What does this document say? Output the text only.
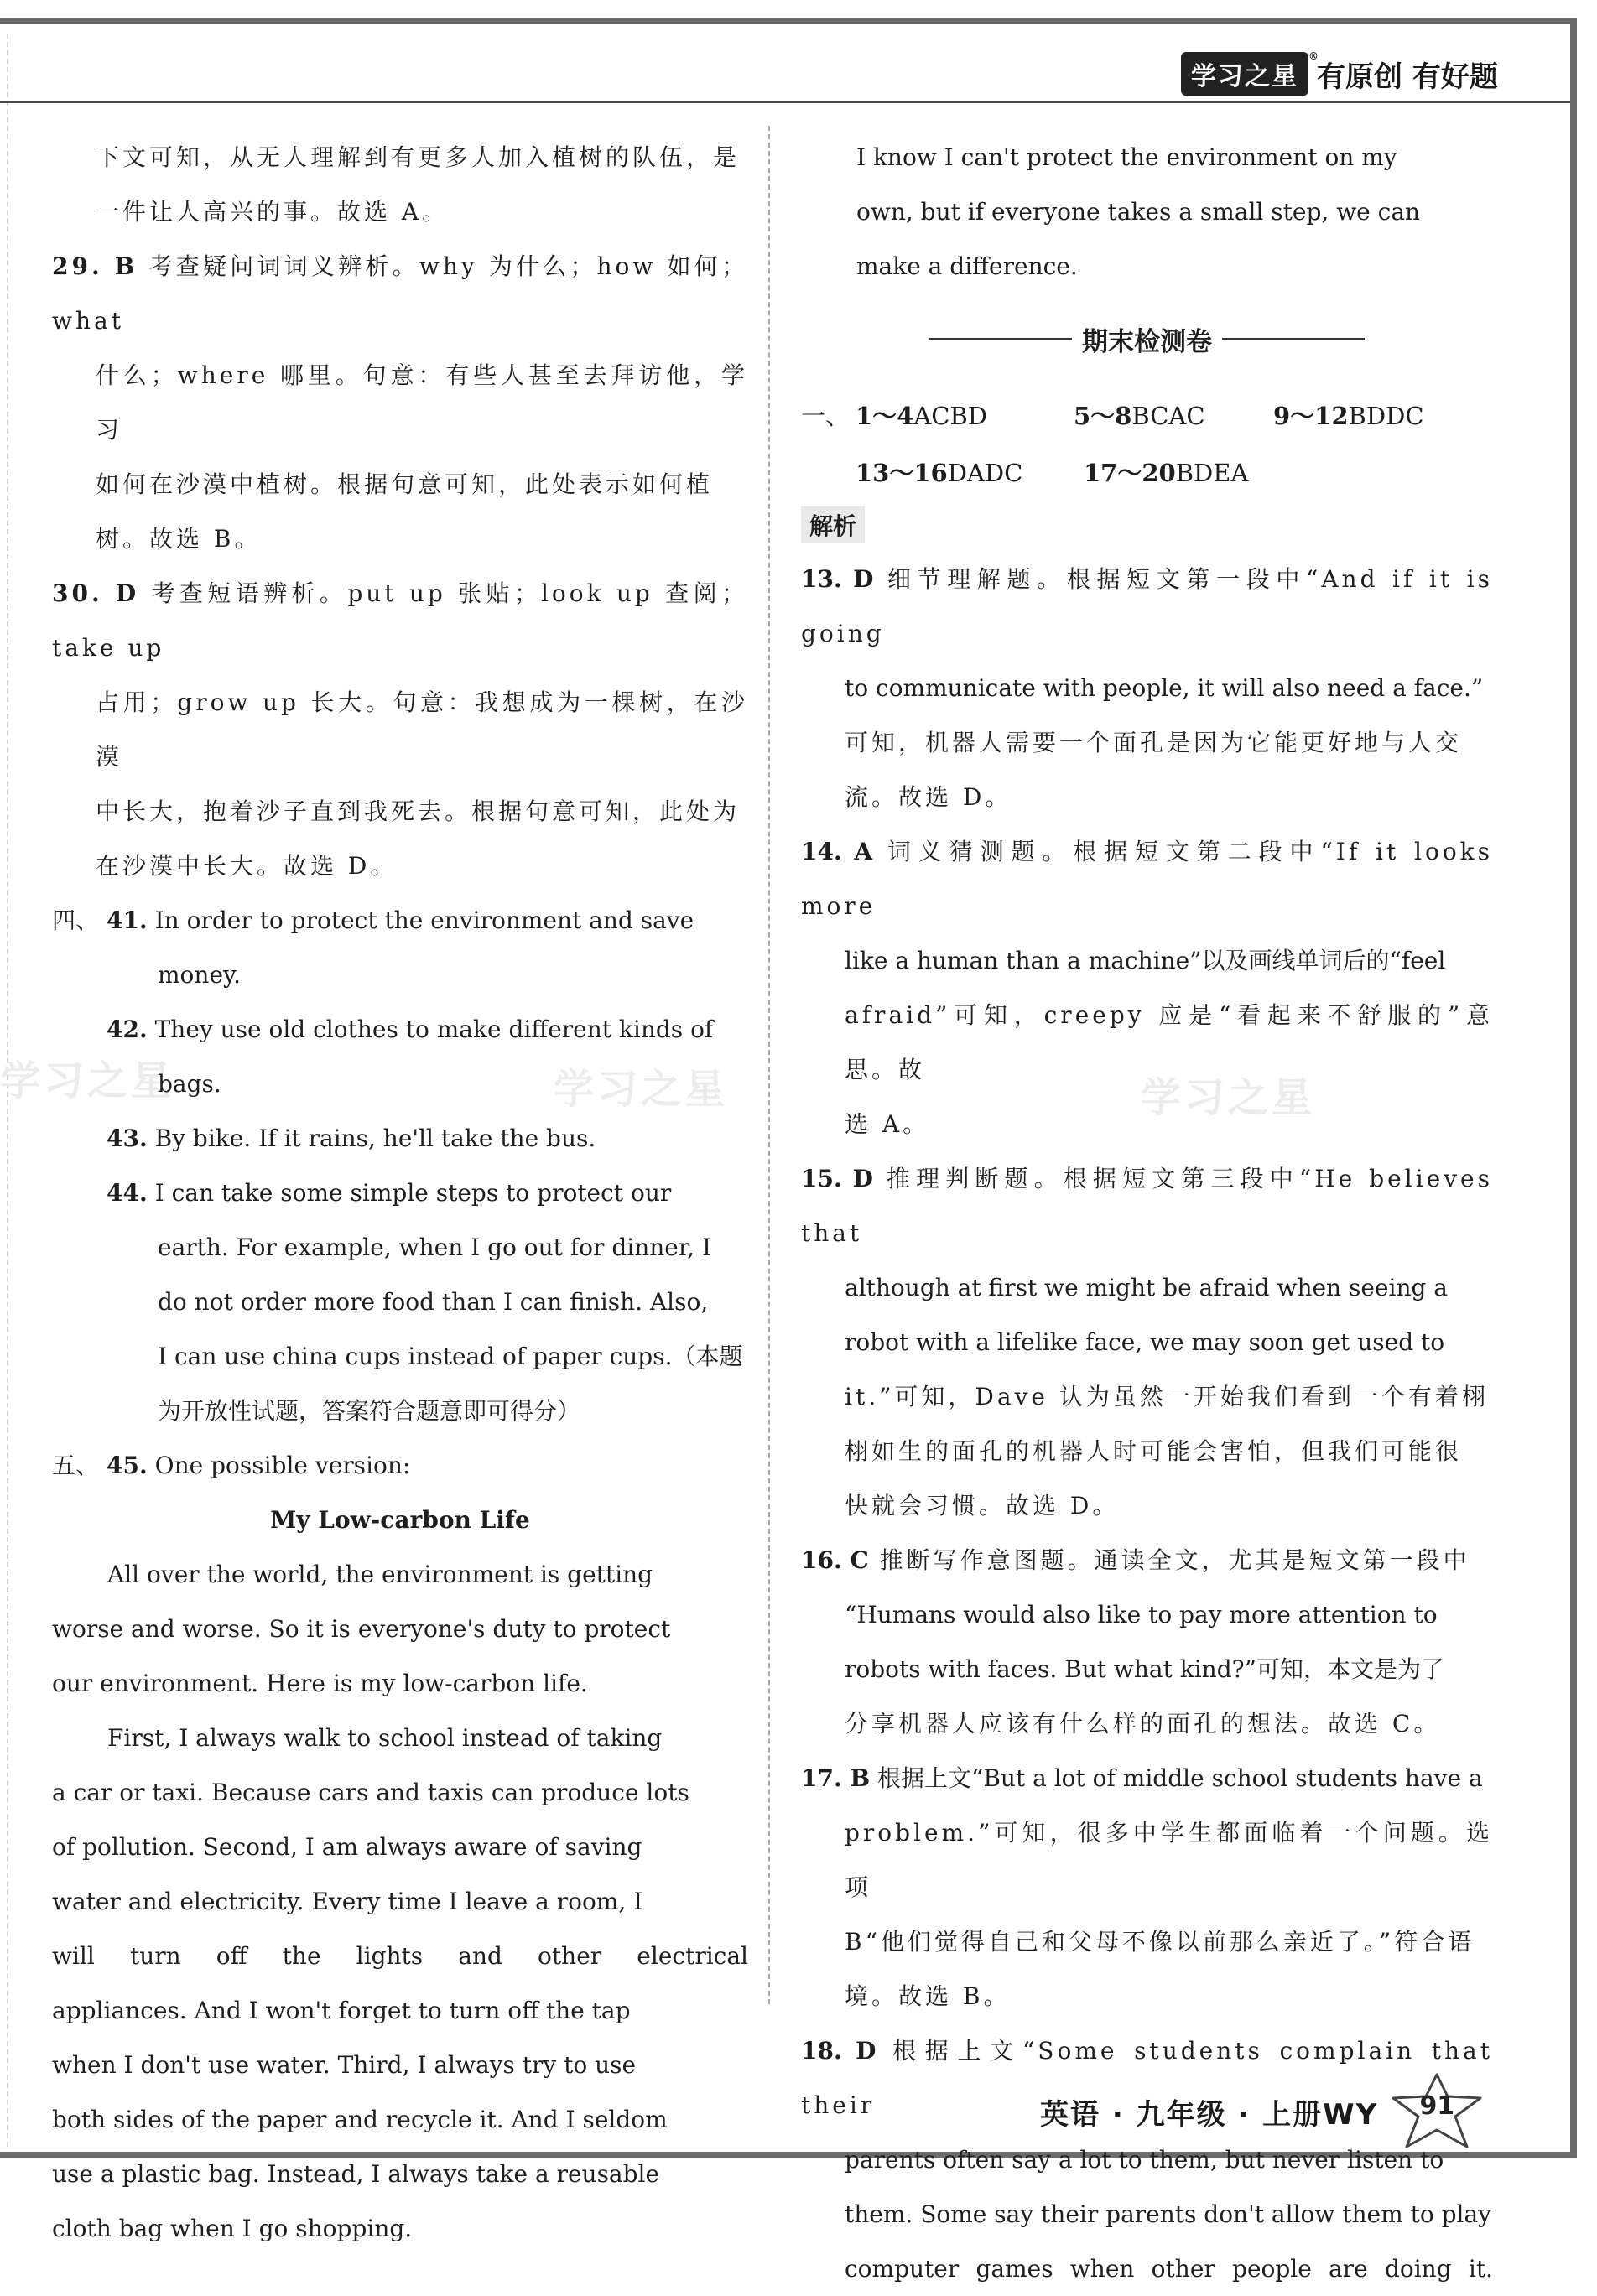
学习之星
®
有原创 有好题
学习之星	学习之星	学习之星

下文可知，从无人理解到有更多人加入植树的队伍，是

一件让人高兴的事。故选 A。

29. B 考查疑问词词义辨析。why 为什么；how 如何；what

什么；where 哪里。句意：有些人甚至去拜访他，学习

如何在沙漠中植树。根据句意可知，此处表示如何植

树。故选 B。

30. D 考查短语辨析。put up 张贴；look up 查阅；take up

占用；grow up 长大。句意：我想成为一棵树，在沙漠

中长大，抱着沙子直到我死去。根据句意可知，此处为

在沙漠中长大。故选 D。

四、 41. In order to protect the environment and save

money.

42. They use old clothes to make different kinds of

bags.

43. By bike. If it rains, he'll take the bus.

44. I can take some simple steps to protect our

earth. For example, when I go out for dinner, I

do not order more food than I can finish. Also,

I can use china cups instead of paper cups.（本题

为开放性试题，答案符合题意即可得分）

五、 45. One possible version:

My Low-carbon Life

All over the world, the environment is getting

worse and worse. So it is everyone's duty to protect

our environment. Here is my low-carbon life.

First, I always walk to school instead of taking

a car or taxi. Because cars and taxis can produce lots

of pollution. Second, I am always aware of saving

water and electricity. Every time I leave a room, I

will turn off the lights and other electrical

appliances. And I won't forget to turn off the tap

when I don't use water. Third, I always try to use

both sides of the paper and recycle it. And I seldom

use a plastic bag. Instead, I always take a reusable

cloth bag when I go shopping.

I know I can't protect the environment on my

own, but if everyone takes a small step, we can

make a difference.

期末检测卷
一、 1～4ACBD	5～8BCAC	9～12BDDC
13～16DADC	17～20BDEA
解析

13. D 细节理解题。根据短文第一段中“And if it is going

to communicate with people, it will also need a face.”

可知，机器人需要一个面孔是因为它能更好地与人交

流。故选 D。

14. A 词义猜测题。根据短文第二段中“If it looks more

like a human than a machine”以及画线单词后的“feel

afraid”可知，creepy 应是“看起来不舒服的”意思。故

选 A。

15. D 推理判断题。根据短文第三段中“He believes that

although at first we might be afraid when seeing a

robot with a lifelike face, we may soon get used to

it.”可知，Dave 认为虽然一开始我们看到一个有着栩

栩如生的面孔的机器人时可能会害怕，但我们可能很

快就会习惯。故选 D。

16. C 推断写作意图题。通读全文，尤其是短文第一段中

“Humans would also like to pay more attention to

robots with faces. But what kind?”可知，本文是为了

分享机器人应该有什么样的面孔的想法。故选 C。

17. B 根据上文“But a lot of middle school students have a

problem.”可知，很多中学生都面临着一个问题。选项

B“他们觉得自己和父母不像以前那么亲近了。”符合语

境。故选 B。

18. D 根据上文“Some students complain that their

parents often say a lot to them, but never listen to

them. Some say their parents don't allow them to play

computer games when other people are doing it.

英语 · 九年级 · 上册WY	91
